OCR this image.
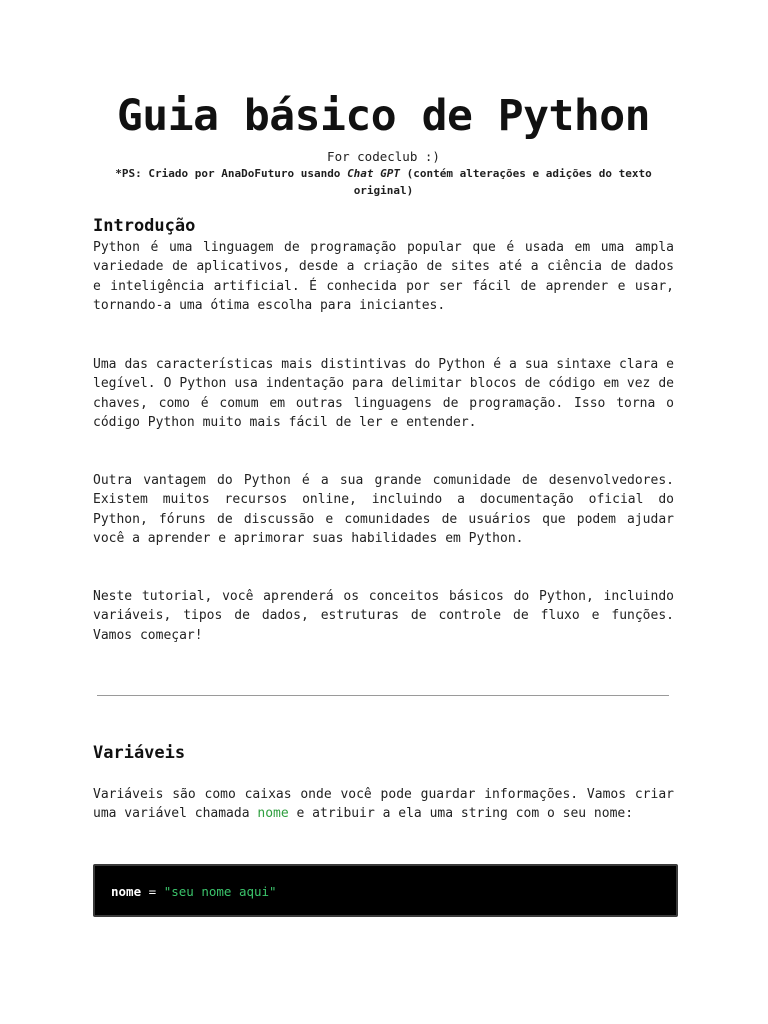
Guia básico de Python

For codeclub :)

*PS: Criado por AnaDoFuturo usando Chat GPT (contém alterações e adições do texto original)

Introdução

Python é uma linguagem de programação popular que é usada em uma ampla variedade de aplicativos, desde a criação de sites até a ciência de dados e inteligência artificial. É conhecida por ser fácil de aprender e usar, tornando-a uma ótima escolha para iniciantes.

Uma das características mais distintivas do Python é a sua sintaxe clara e legível. O Python usa indentação para delimitar blocos de código em vez de chaves, como é comum em outras linguagens de programação. Isso torna o código Python muito mais fácil de ler e entender.

Outra vantagem do Python é a sua grande comunidade de desenvolvedores. Existem muitos recursos online, incluindo a documentação oficial do Python, fóruns de discussão e comunidades de usuários que podem ajudar você a aprender e aprimorar suas habilidades em Python.

Neste tutorial, você aprenderá os conceitos básicos do Python, incluindo variáveis, tipos de dados, estruturas de controle de fluxo e funções. Vamos começar!

Variáveis

Variáveis são como caixas onde você pode guardar informações. Vamos criar uma variável chamada nome e atribuir a ela uma string com o seu nome:

nome = "seu nome aqui"
